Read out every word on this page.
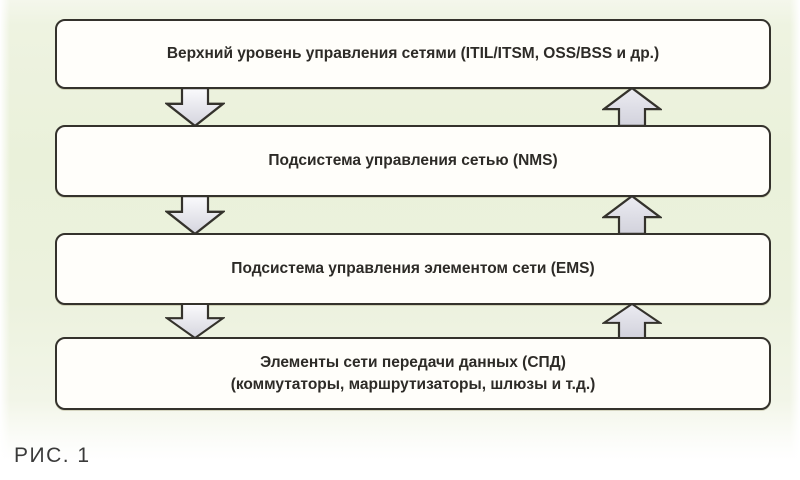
Верхний уровень управления сетями (ITIL/ITSM, OSS/BSS и др.)
Подсистема управления сетью (NMS)
Подсистема управления элементом сети (EMS)
Элементы сети передачи данных (СПД)
(коммутаторы, маршрутизаторы, шлюзы и т.д.)
РИС. 1
